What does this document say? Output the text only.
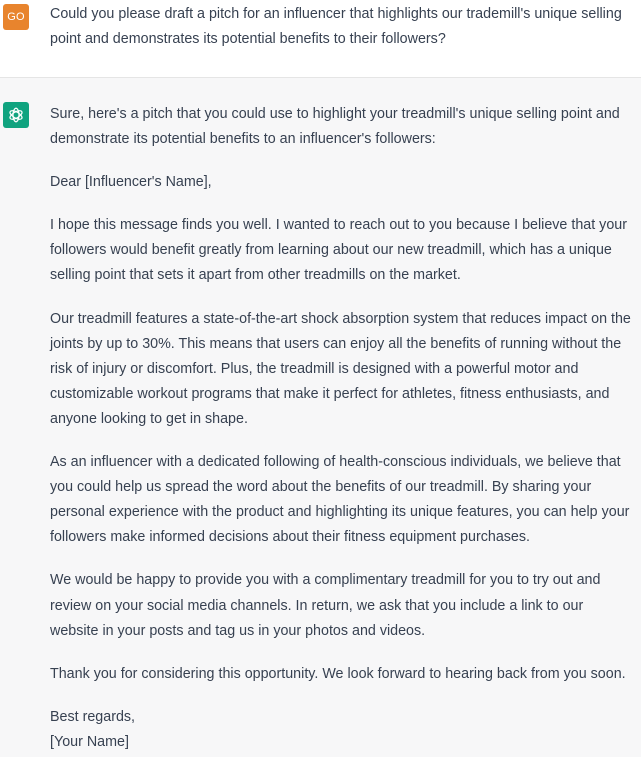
GO Could you please draft a pitch for an influencer that highlights our trademill's unique selling point and demonstrates its potential benefits to their followers?

Sure, here's a pitch that you could use to highlight your treadmill's unique selling point and demonstrate its potential benefits to an influencer's followers:

Dear [Influencer's Name],

I hope this message finds you well. I wanted to reach out to you because I believe that your followers would benefit greatly from learning about our new treadmill, which has a unique selling point that sets it apart from other treadmills on the market.

Our treadmill features a state-of-the-art shock absorption system that reduces impact on the joints by up to 30%. This means that users can enjoy all the benefits of running without the risk of injury or discomfort. Plus, the treadmill is designed with a powerful motor and customizable workout programs that make it perfect for athletes, fitness enthusiasts, and anyone looking to get in shape.

As an influencer with a dedicated following of health-conscious individuals, we believe that you could help us spread the word about the benefits of our treadmill. By sharing your personal experience with the product and highlighting its unique features, you can help your followers make informed decisions about their fitness equipment purchases.

We would be happy to provide you with a complimentary treadmill for you to try out and review on your social media channels. In return, we ask that you include a link to our website in your posts and tag us in your photos and videos.

Thank you for considering this opportunity. We look forward to hearing back from you soon.

Best regards,
[Your Name]
